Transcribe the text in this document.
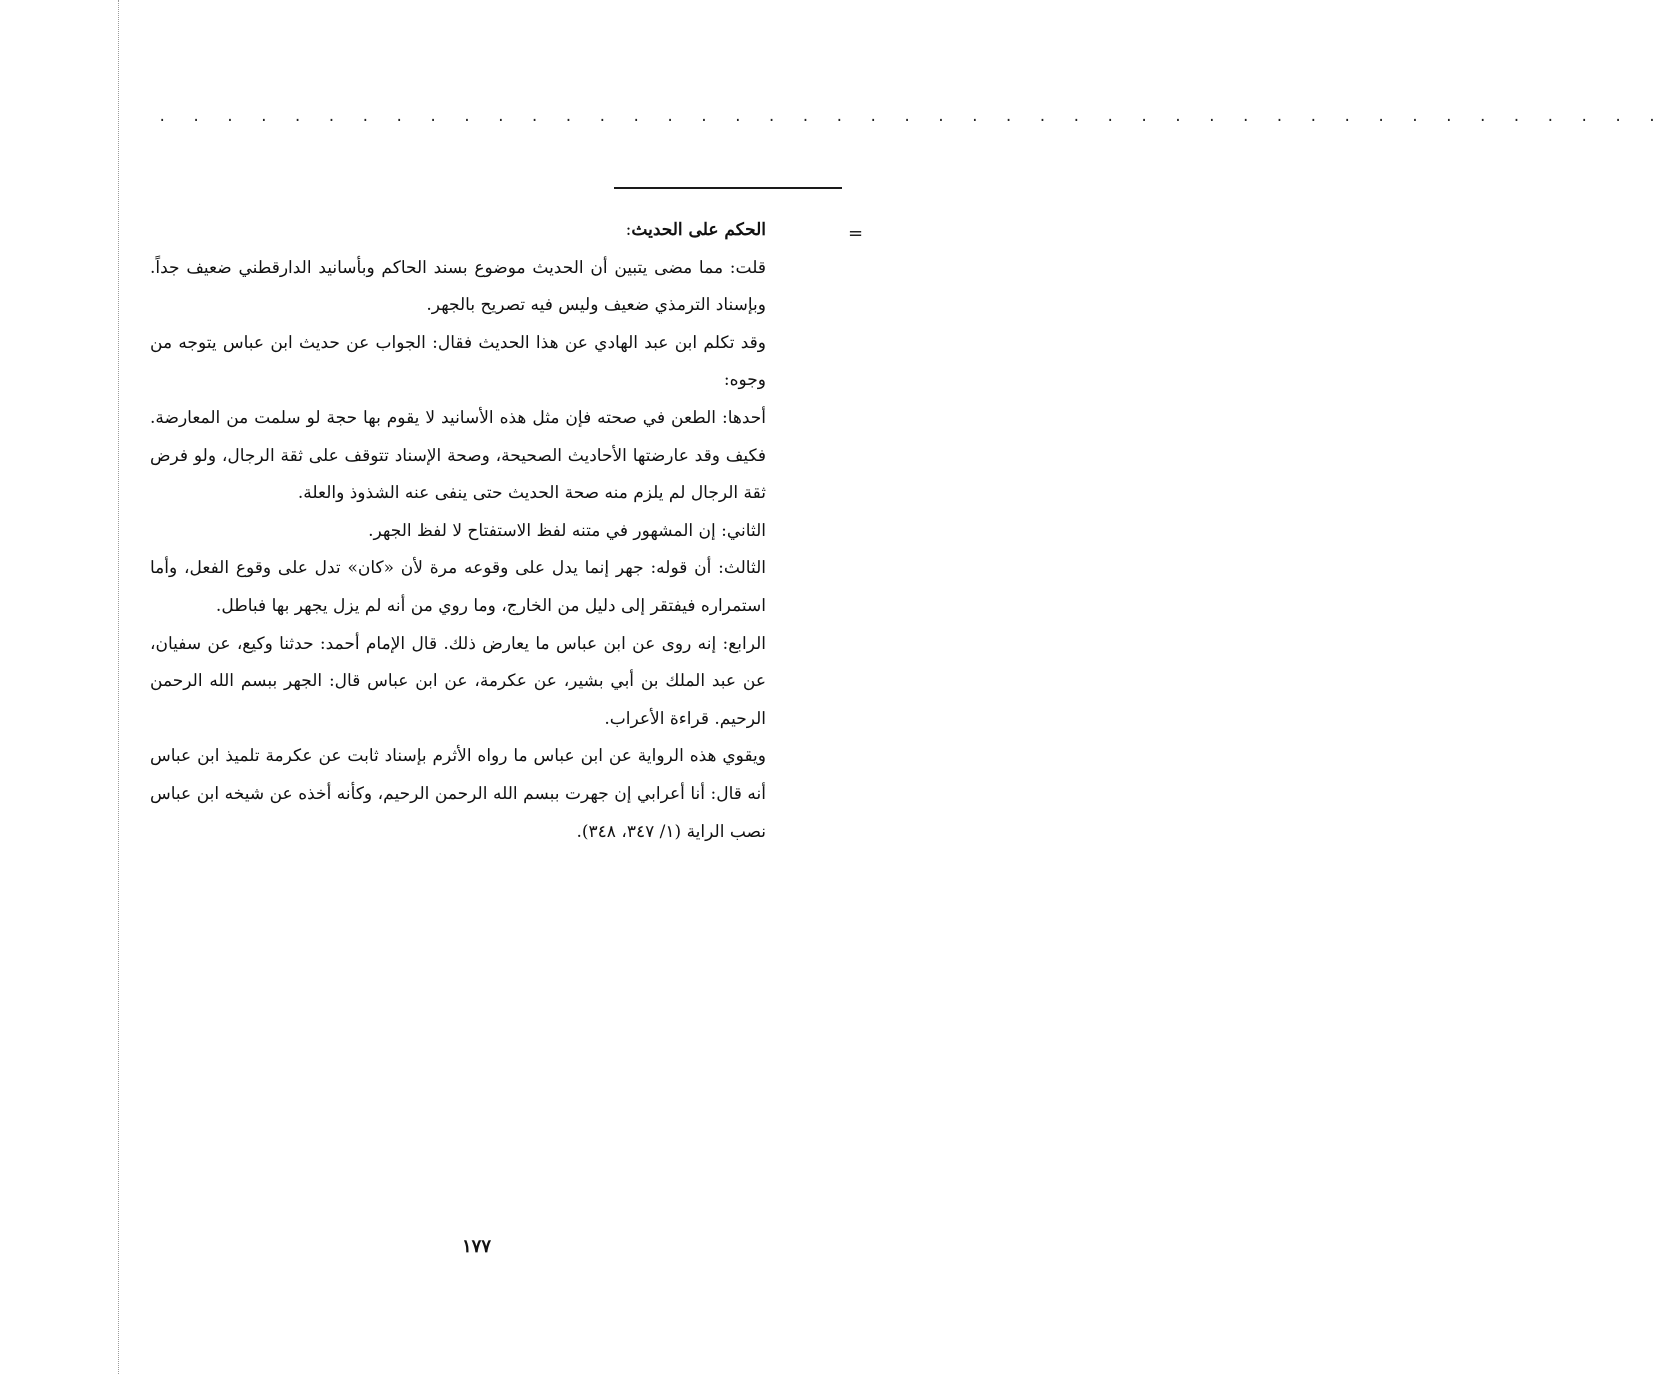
. . . . . . . . . . . . . . . . . . . . . . . . . . . . . . . . . . . . . . . . . . . . .
=

الحكم على الحديث:

قلت: مما مضى يتبين أن الحديث موضوع بسند الحاكم وبأسانيد الدارقطني ضعيف جداً. وبإسناد الترمذي ضعيف وليس فيه تصريح بالجهر.

وقد تكلم ابن عبد الهادي عن هذا الحديث فقال: الجواب عن حديث ابن عباس يتوجه من وجوه:

أحدها: الطعن في صحته فإن مثل هذه الأسانيد لا يقوم بها حجة لو سلمت من المعارضة. فكيف وقد عارضتها الأحاديث الصحيحة، وصحة الإسناد تتوقف على ثقة الرجال، ولو فرض ثقة الرجال لم يلزم منه صحة الحديث حتى ينفى عنه الشذوذ والعلة.

الثاني: إن المشهور في متنه لفظ الاستفتاح لا لفظ الجهر.

الثالث: أن قوله: جهر إنما يدل على وقوعه مرة لأن «كان» تدل على وقوع الفعل، وأما استمراره فيفتقر إلى دليل من الخارج، وما روي من أنه لم يزل يجهر بها فباطل.

الرابع: إنه روى عن ابن عباس ما يعارض ذلك. قال الإمام أحمد: حدثنا وكيع، عن سفيان، عن عبد الملك بن أبي بشير، عن عكرمة، عن ابن عباس قال: الجهر ببسم الله الرحمن الرحيم. قراءة الأعراب.

ويقوي هذه الرواية عن ابن عباس ما رواه الأثرم بإسناد ثابت عن عكرمة تلميذ ابن عباس أنه قال: أنا أعرابي إن جهرت ببسم الله الرحمن الرحيم، وكأنه أخذه عن شيخه ابن عباس نصب الراية (١/ ٣٤٧، ٣٤٨).

١٧٧
